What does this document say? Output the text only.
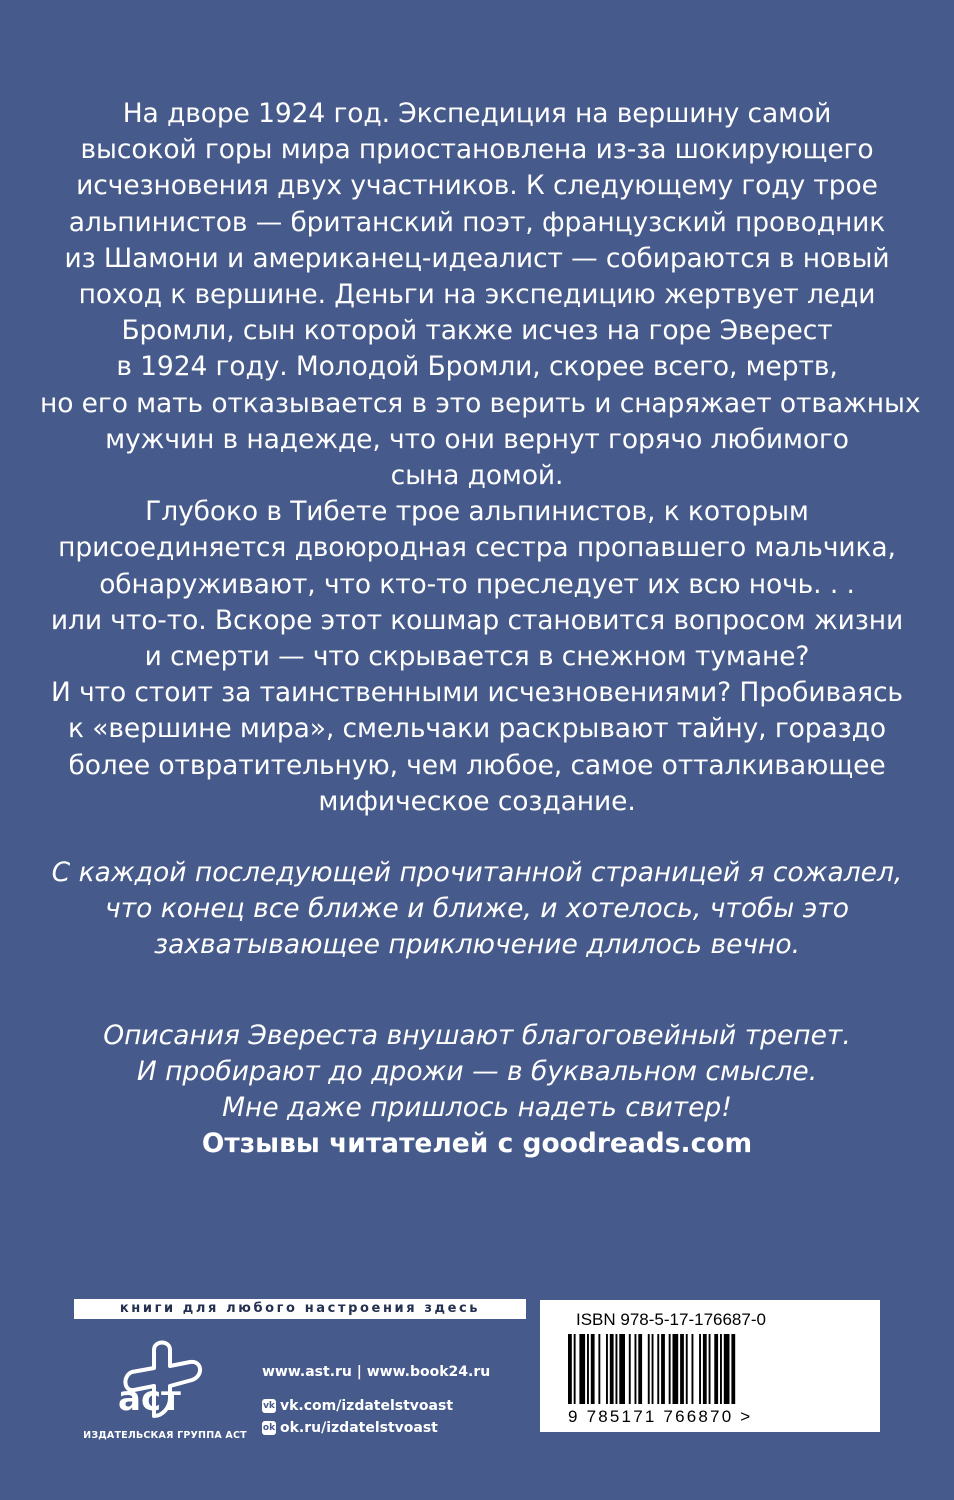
На дворе 1924 год. Экспедиция на вершину самой
высокой горы мира приостановлена из-за шокирующего
исчезновения двух участников. К следующему году трое
альпинистов — британский поэт, французский проводник
из Шамони и американец-идеалист — собираются в новый
поход к вершине. Деньги на экспедицию жертвует леди
Бромли, сын которой также исчез на горе Эверест
в 1924 году. Молодой Бромли, скорее всего, мертв,
но его мать отказывается в это верить и снаряжает отважных
мужчин в надежде, что они вернут горячо любимого
сына домой.
Глубоко в Тибете трое альпинистов, к которым
присоединяется двоюродная сестра пропавшего мальчика,
обнаруживают, что кто-то преследует их всю ночь. . .
или что-то. Вскоре этот кошмар становится вопросом жизни
и смерти — что скрывается в снежном тумане?
И что стоит за таинственными исчезновениями? Пробиваясь
к «вершине мира», смельчаки раскрывают тайну, гораздо
более отвратительную, чем любое, самое отталкивающее
мифическое создание.
С каждой последующей прочитанной страницей я сожалел,
что конец все ближе и ближе, и хотелось, чтобы это
захватывающее приключение длилось вечно.
Описания Эвереста внушают благоговейный трепет.
И пробирают до дрожи — в буквальном смысле.
Мне даже пришлось надеть свитер!
Отзывы читателей с goodreads.com
книги для любого настроения здесь
аст
ИЗДАТЕЛЬСКАЯ ГРУППА АСТ
www.ast.ru | www.book24.ru
vk vk.com/izdatelstvoast
ok ok.ru/izdatelstvoast
ISBN 978-5-17-176687-0
9 785171 766870 >
